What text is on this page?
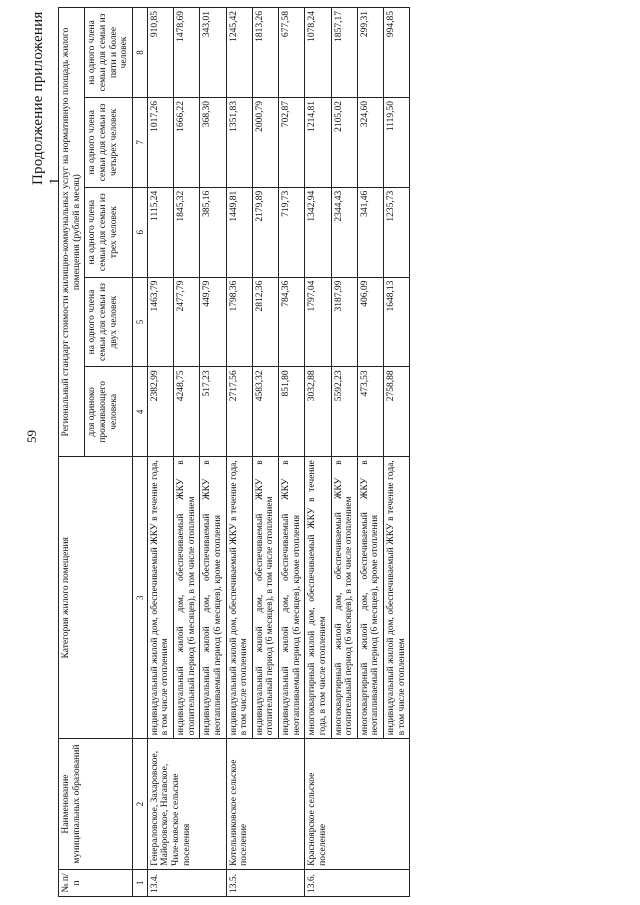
Продолжение приложения 1
№ п/п	Наименование муниципальных образований	Категория жилого помещения	Региональный стандарт стоимости жилищно-коммунальных услуг на нормативную площадь жилого помещения (рублей в месяц)				
			для одиноко проживающего человека	на одного члена семьи для семьи из двух человек	на одного члена семьи для семьи из трех человек	на одного члена семьи для семьи из четырех человек	на одного члена семьи для семьи из пяти и более человек
1	2	3	4	5	6	7	8
13.4.	Генераловское, Захаровское, Майоровское, Нагавское, Чиле-ковское сельские поселения	индивидуальный жилой дом, обеспечиваемый ЖКУ в течение года, в том числе отоплением	2382,99	1463,79	1115,24	1017,26	910,85
		индивидуальный жилой дом, обеспечиваемый ЖКУ в отопительный период (6 месяцев), в том числе отоплением	4248,75	2477,79	1845,32	1666,22	1478,69
		индивидуальный жилой дом, обеспечиваемый ЖКУ в неотапливаемый период (6 месяцев), кроме отопления	517,23	449,79	385,16	368,30	343,01
13.5.	Котельниковское сельское поселение	индивидуальный жилой дом, обеспечиваемый ЖКУ в течение года, в том числе отоплением	2717,56	1798,36	1449,81	1351,83	1245,42
		индивидуальный жилой дом, обеспечиваемый ЖКУ в отопительный период (6 месяцев), в том числе отоплением	4583,32	2812,36	2179,89	2000,79	1813,26
		индивидуальный жилой дом, обеспечиваемый ЖКУ в неотапливаемый период (6 месяцев), кроме отопления	851,80	784,36	719,73	702,87	677,58
13.6.	Красноярское сельское поселение	многоквартирный жилой дом, обеспечиваемый ЖКУ в течение года, в том числе отоплением	3032,88	1797,04	1342,94	1214,81	1078,24
		многоквартирный жилой дом, обеспечиваемый ЖКУ в отопительный период (6 месяцев), в том числе отоплением	5592,23	3187,99	2344,43	2105,02	1857,17
		многоквартирный жилой дом, обеспечиваемый ЖКУ в неотапливаемый период (6 месяцев), кроме отопления	473,53	406,09	341,46	324,60	299,31
		индивидуальный жилой дом, обеспечиваемый ЖКУ в течение года, в том числе отоплением	2758,88	1648,13	1235,73	1119,50	994,85
59
